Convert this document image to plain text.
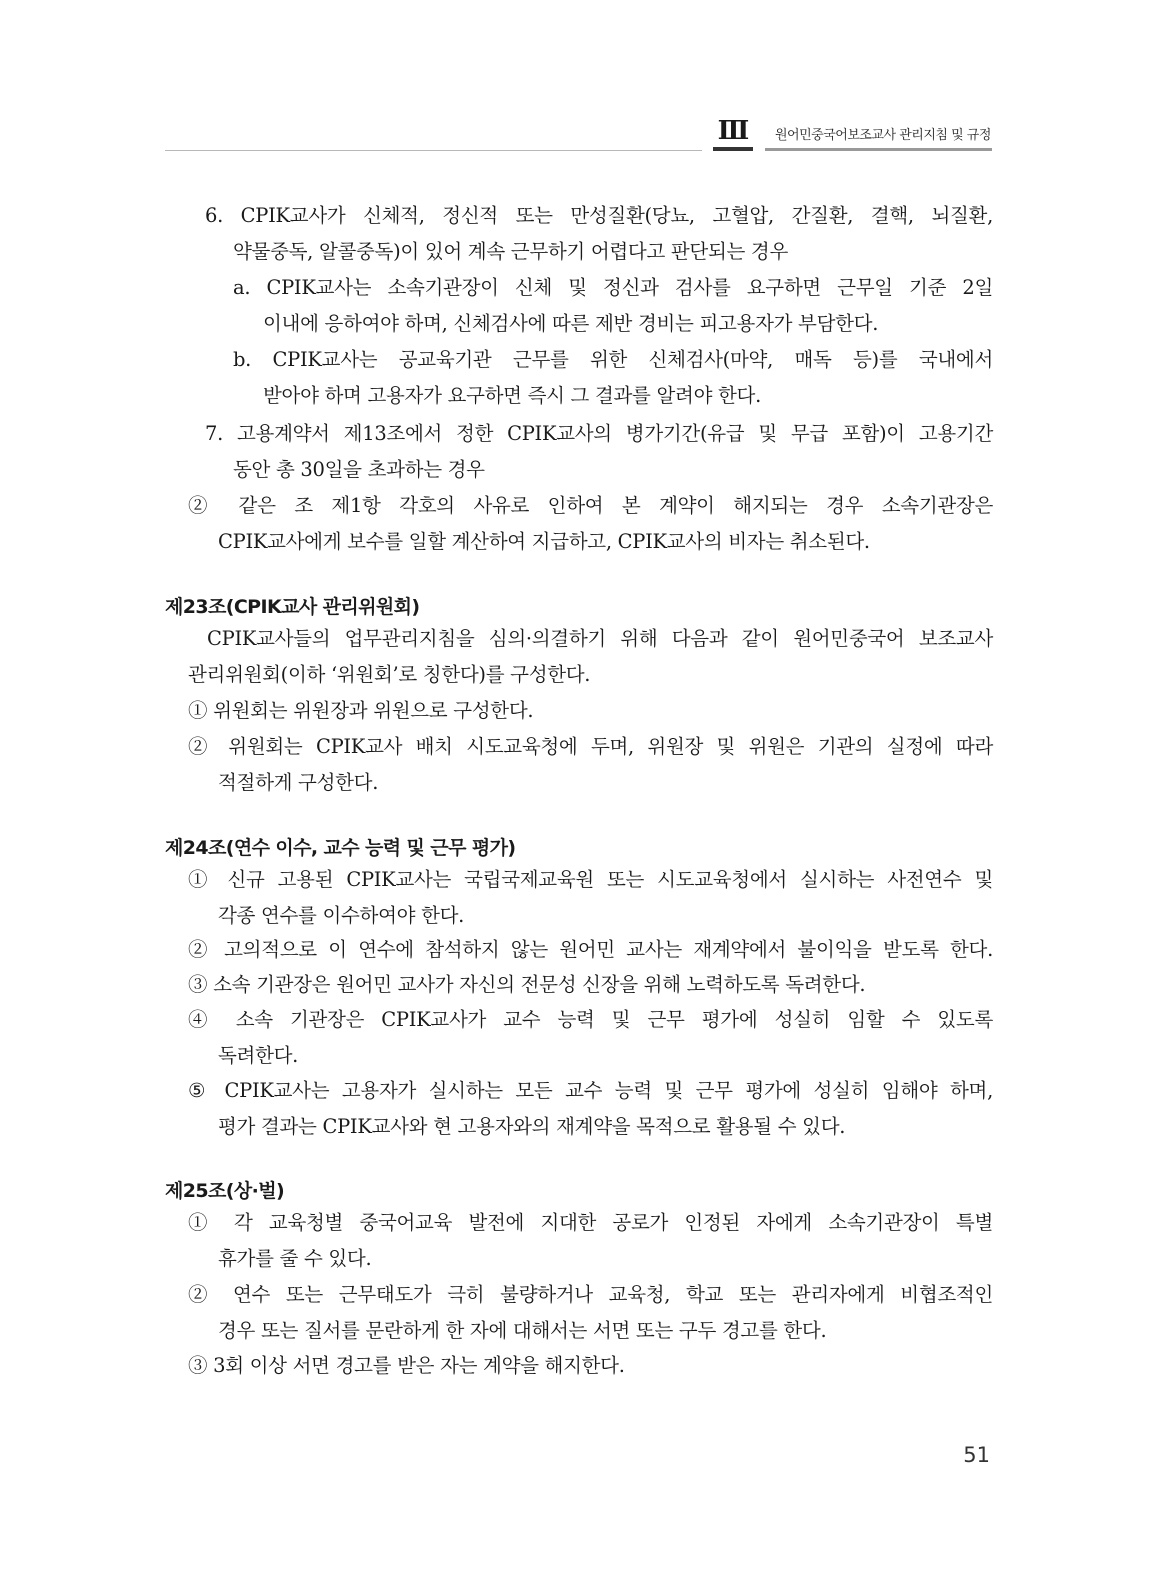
Ⅲ	원어민중국어보조교사 관리지침 및 규정
6. CPIK교사가 신체적, 정신적 또는 만성질환(당뇨, 고혈압, 간질환, 결핵, 뇌질환,
약물중독, 알콜중독)이 있어 계속 근무하기 어렵다고 판단되는 경우
a. CPIK교사는 소속기관장이 신체 및 정신과 검사를 요구하면 근무일 기준 2일
이내에 응하여야 하며, 신체검사에 따른 제반 경비는 피고용자가 부담한다.
b. CPIK교사는 공교육기관 근무를 위한 신체검사(마약, 매독 등)를 국내에서
받아야 하며 고용자가 요구하면 즉시 그 결과를 알려야 한다.
7. 고용계약서 제13조에서 정한 CPIK교사의 병가기간(유급 및 무급 포함)이 고용기간
동안 총 30일을 초과하는 경우
② 같은 조 제1항 각호의 사유로 인하여 본 계약이 해지되는 경우 소속기관장은
CPIK교사에게 보수를 일할 계산하여 지급하고, CPIK교사의 비자는 취소된다.
제23조(CPIK교사 관리위원회)
CPIK교사들의 업무관리지침을 심의·의결하기 위해 다음과 같이 원어민중국어 보조교사
관리위원회(이하 ‘위원회’로 칭한다)를 구성한다.
① 위원회는 위원장과 위원으로 구성한다.
② 위원회는 CPIK교사 배치 시도교육청에 두며, 위원장 및 위원은 기관의 실정에 따라
적절하게 구성한다.
제24조(연수 이수, 교수 능력 및 근무 평가)
① 신규 고용된 CPIK교사는 국립국제교육원 또는 시도교육청에서 실시하는 사전연수 및
각종 연수를 이수하여야 한다.
② 고의적으로 이 연수에 참석하지 않는 원어민 교사는 재계약에서 불이익을 받도록 한다.
③ 소속 기관장은 원어민 교사가 자신의 전문성 신장을 위해 노력하도록 독려한다.
④ 소속 기관장은 CPIK교사가 교수 능력 및 근무 평가에 성실히 임할 수 있도록
독려한다.
⑤ CPIK교사는 고용자가 실시하는 모든 교수 능력 및 근무 평가에 성실히 임해야 하며,
평가 결과는 CPIK교사와 현 고용자와의 재계약을 목적으로 활용될 수 있다.
제25조(상·벌)
① 각 교육청별 중국어교육 발전에 지대한 공로가 인정된 자에게 소속기관장이 특별
휴가를 줄 수 있다.
② 연수 또는 근무태도가 극히 불량하거나 교육청, 학교 또는 관리자에게 비협조적인
경우 또는 질서를 문란하게 한 자에 대해서는 서면 또는 구두 경고를 한다.
③ 3회 이상 서면 경고를 받은 자는 계약을 해지한다.
51
